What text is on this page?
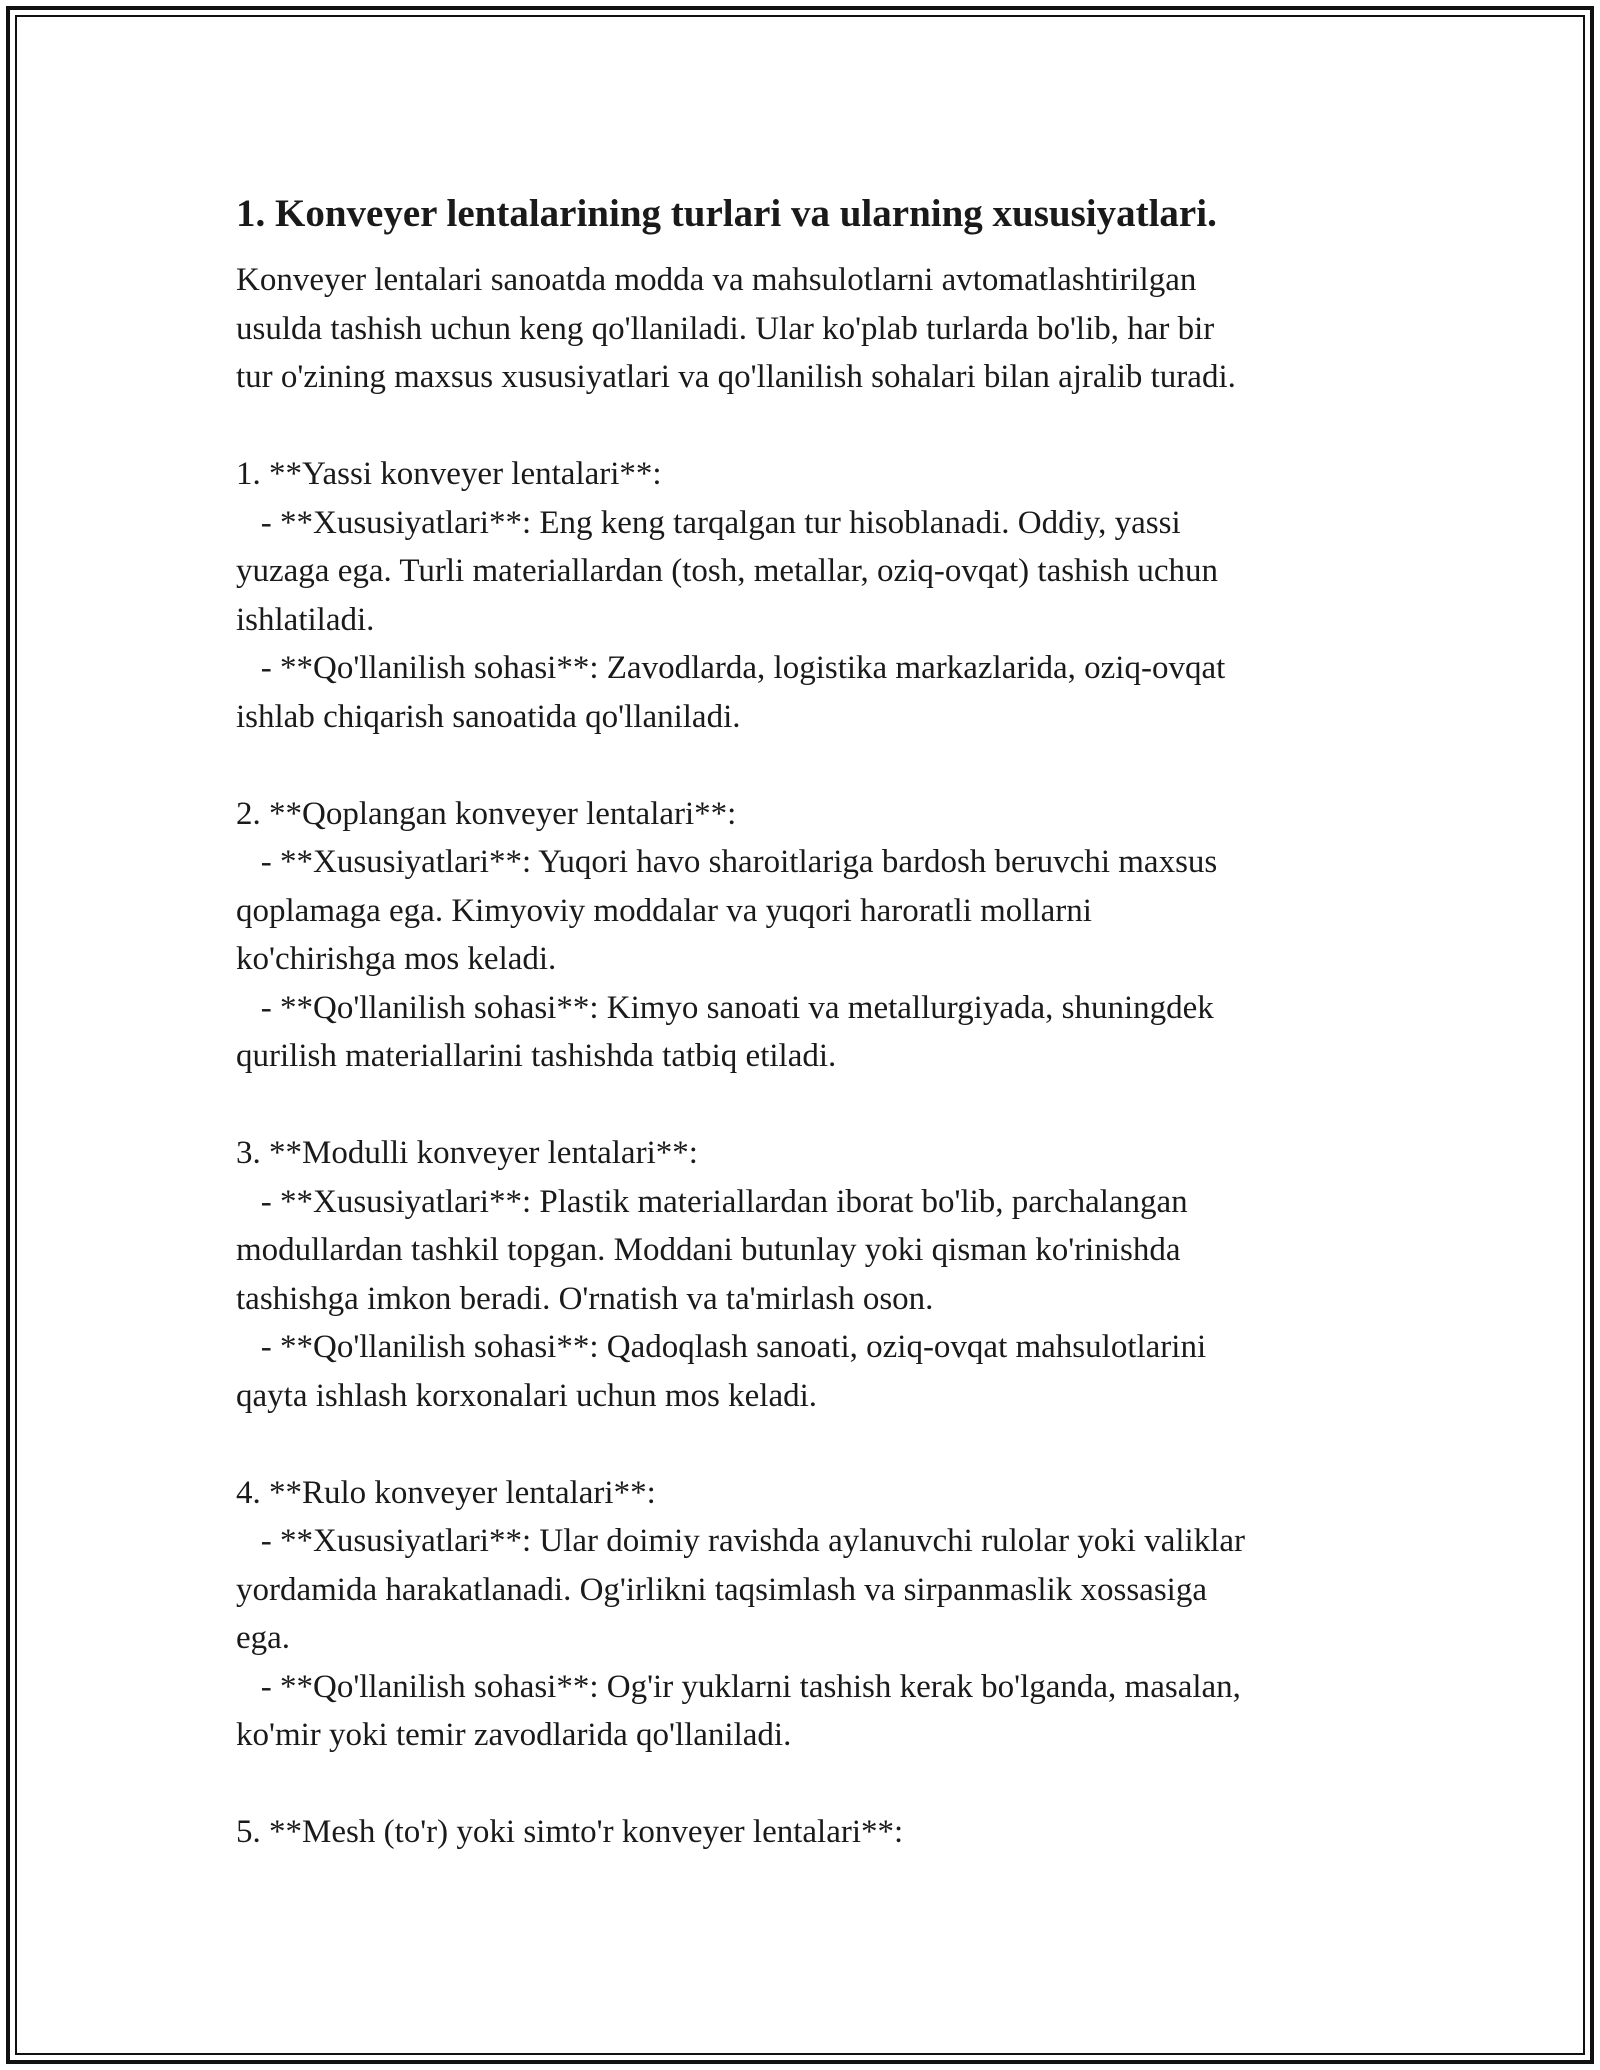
1. Konveyer lentalarining turlari va ularning xususiyatlari.
Konveyer lentalari sanoatda modda va mahsulotlarni avtomatlashtirilgan
usulda tashish uchun keng qo'llaniladi. Ular ko'plab turlarda bo'lib, har bir
tur o'zining maxsus xususiyatlari va qo'llanilish sohalari bilan ajralib turadi.
1. **Yassi konveyer lentalari**:
- **Xususiyatlari**: Eng keng tarqalgan tur hisoblanadi. Oddiy, yassi
yuzaga ega. Turli materiallardan (tosh, metallar, oziq-ovqat) tashish uchun
ishlatiladi.
- **Qo'llanilish sohasi**: Zavodlarda, logistika markazlarida, oziq-ovqat
ishlab chiqarish sanoatida qo'llaniladi.
2. **Qoplangan konveyer lentalari**:
- **Xususiyatlari**: Yuqori havo sharoitlariga bardosh beruvchi maxsus
qoplamaga ega. Kimyoviy moddalar va yuqori haroratli mollarni
ko'chirishga mos keladi.
- **Qo'llanilish sohasi**: Kimyo sanoati va metallurgiyada, shuningdek
qurilish materiallarini tashishda tatbiq etiladi.
3. **Modulli konveyer lentalari**:
- **Xususiyatlari**: Plastik materiallardan iborat bo'lib, parchalangan
modullardan tashkil topgan. Moddani butunlay yoki qisman ko'rinishda
tashishga imkon beradi. O'rnatish va ta'mirlash oson.
- **Qo'llanilish sohasi**: Qadoqlash sanoati, oziq-ovqat mahsulotlarini
qayta ishlash korxonalari uchun mos keladi.
4. **Rulo konveyer lentalari**:
- **Xususiyatlari**: Ular doimiy ravishda aylanuvchi rulolar yoki valiklar
yordamida harakatlanadi. Og'irlikni taqsimlash va sirpanmaslik xossasiga
ega.
- **Qo'llanilish sohasi**: Og'ir yuklarni tashish kerak bo'lganda, masalan,
ko'mir yoki temir zavodlarida qo'llaniladi.
5. **Mesh (to'r) yoki simto'r konveyer lentalari**:
